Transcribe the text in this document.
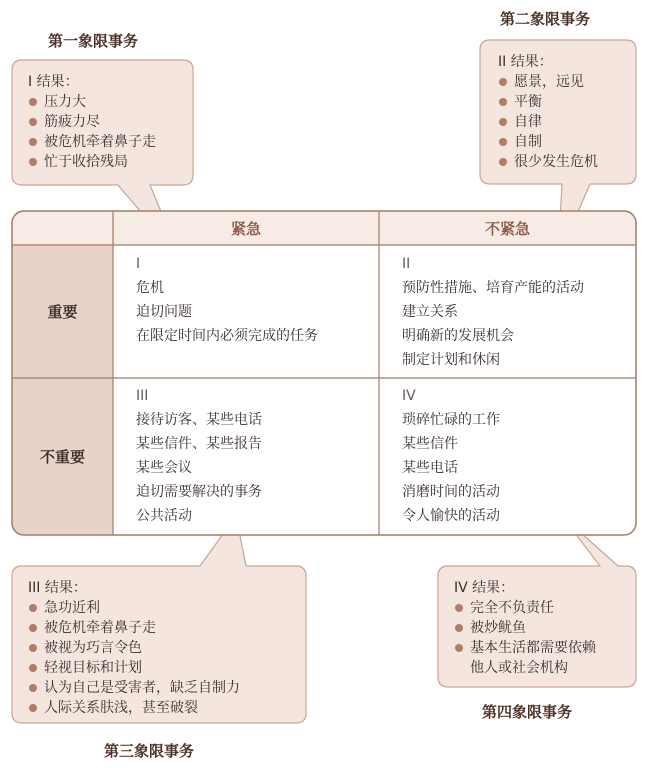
第一象限事务
第二象限事务
第三象限事务
第四象限事务
I 结果：
压力大
筋疲力尽
被危机牵着鼻子走
忙于收拾残局
II 结果：
愿景，远见
平衡
自律
自制
很少发生危机
紧急	不紧急
重要
不重要
I
危机
迫切问题
在限定时间内必须完成的任务
II
预防性措施、培育产能的活动
建立关系
明确新的发展机会
制定计划和休闲
III
接待访客、某些电话
某些信件、某些报告
某些会议
迫切需要解决的事务
公共活动
IV
琐碎忙碌的工作
某些信件
某些电话
消磨时间的活动
令人愉快的活动
III 结果：
急功近利
被危机牵着鼻子走
被视为巧言令色
轻视目标和计划
认为自己是受害者，缺乏自制力
人际关系肤浅，甚至破裂
IV 结果：
完全不负责任
被炒鱿鱼
基本生活都需要依赖
他人或社会机构
